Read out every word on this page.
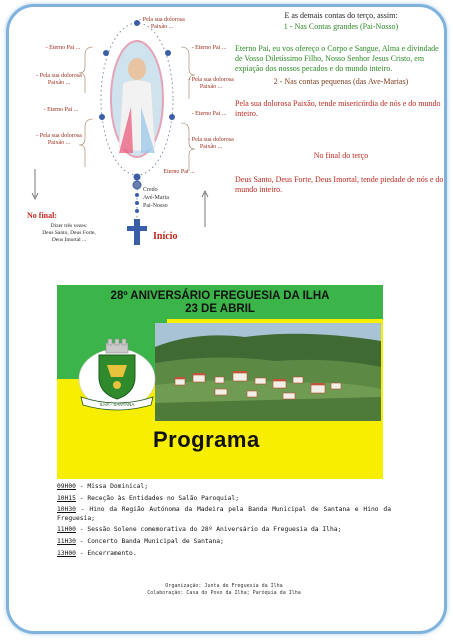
- Pela sua dolorosa Paixão ...
- Eterno Pai ...
- Pela sua dolorosa Paixão ...
- Eterno Pai ...
- Pela sua dolorosa Paixão ...
- Eterno Pai ...
- Pela sua dolorosa Paixão ...
- Eterno Pai ...
- Pela sua dolorosa Paixão ...
Eterno Pai ...
Credo
Avé-Maria
Pai-Nosso
No final:
Dizer três vezes:
Deus Santo, Deus Forte,
Deus Imortal ...	Início

E as demais contas do terço, assim:

1 - Nas Contas grandes (Pai-Nosso)

Eterno Pai, eu vos ofereço o Corpo e Sangue, Alma e divindade de Vosso Diletíssimo Filho, Nosso Senhor Jesus Cristo, em expiação dos nossos pecados e do mundo inteiro.

2 - Nas contas pequenas (das Ave-Marias)

Pela sua dolorosa Paixão, tende misericórdia de nós e do mundo inteiro.

No final do terço

Deus Santo, Deus Forte, Deus Imortal, tende piedade de nós e do mundo inteiro.

28º ANIVERSÁRIO FREGUESIA DA ILHA
23 DE ABRIL
ILHA - SANTANA
Programa
09H00 - Missa Dominical;
10H15 - Receção às Entidades no Salão Paroquial;
10H30 - Hino da Região Autónoma da Madeira pela Banda Municipal de Santana e Hino da Freguesia;
11H00 - Sessão Solene comemorativa do 28º Aniversário da Freguesia da Ilha;
11H30 - Concerto Banda Municipal de Santana;
13H00 - Encerramento.
Organização: Junta de Freguesia da Ilha
Colaboração: Casa do Povo da Ilha; Paróquia da Ilha
